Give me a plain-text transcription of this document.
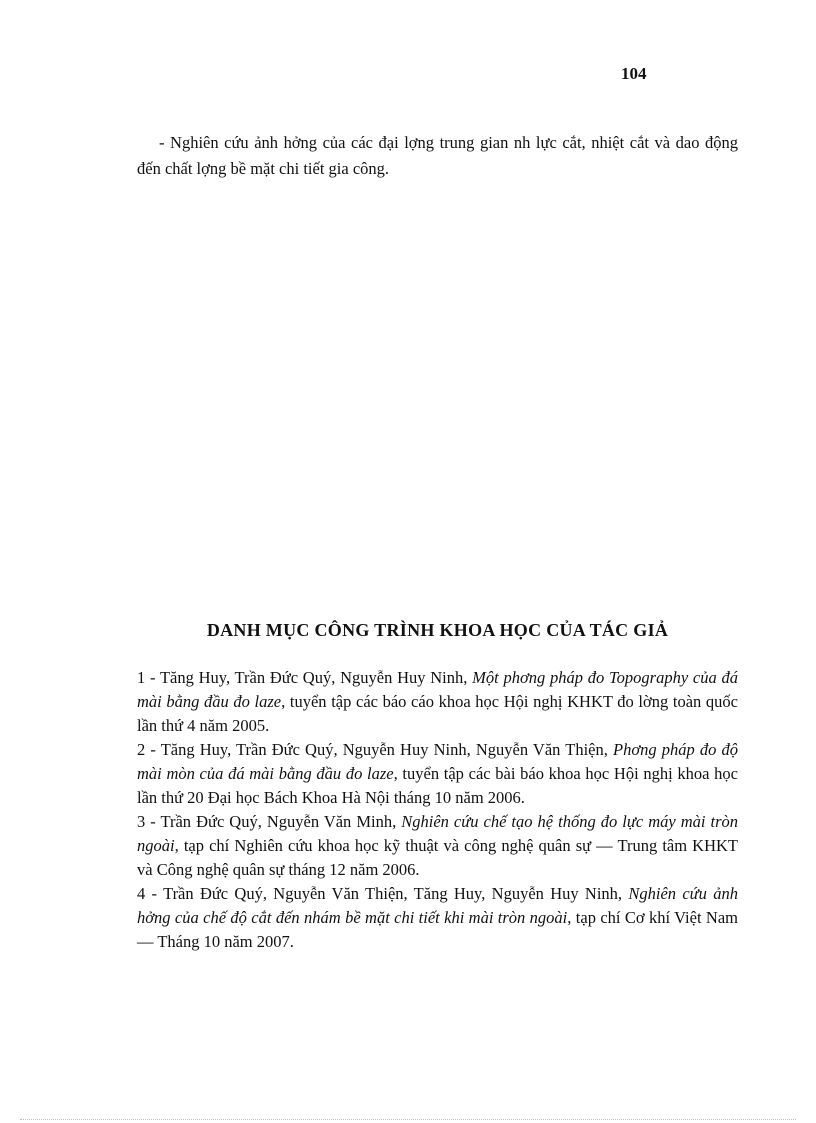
104

- Nghiên cứu ảnh hởng của các đại lợng trung gian nh lực cắt, nhiệt cắt và dao động đến chất lợng bề mặt chi tiết gia công.

DANH MỤC CÔNG TRÌNH KHOA HỌC CỦA TÁC GIẢ
1 - Tăng Huy, Trần Đức Quý, Nguyễn Huy Ninh, Một phơng pháp đo Topography của đá mài bằng đầu đo laze, tuyển tập các báo cáo khoa học Hội nghị KHKT đo lờng toàn quốc lần thứ 4 năm 2005.
2 - Tăng Huy, Trần Đức Quý, Nguyễn Huy Ninh, Nguyễn Văn Thiện, Phơng pháp đo độ mài mòn của đá mài bằng đầu đo laze, tuyển tập các bài báo khoa học Hội nghị khoa học lần thứ 20 Đại học Bách Khoa Hà Nội tháng 10 năm 2006.
3 - Trần Đức Quý, Nguyễn Văn Minh, Nghiên cứu chế tạo hệ thống đo lực máy mài tròn ngoài, tạp chí Nghiên cứu khoa học kỹ thuật và công nghệ quân sự — Trung tâm KHKT và Công nghệ quân sự tháng 12 năm 2006.
4 - Trần Đức Quý, Nguyễn Văn Thiện, Tăng Huy, Nguyễn Huy Ninh, Nghiên cứu ảnh hởng của chế độ cắt đến nhám bề mặt chi tiết khi mài tròn ngoài, tạp chí Cơ khí Việt Nam — Tháng 10 năm 2007.
